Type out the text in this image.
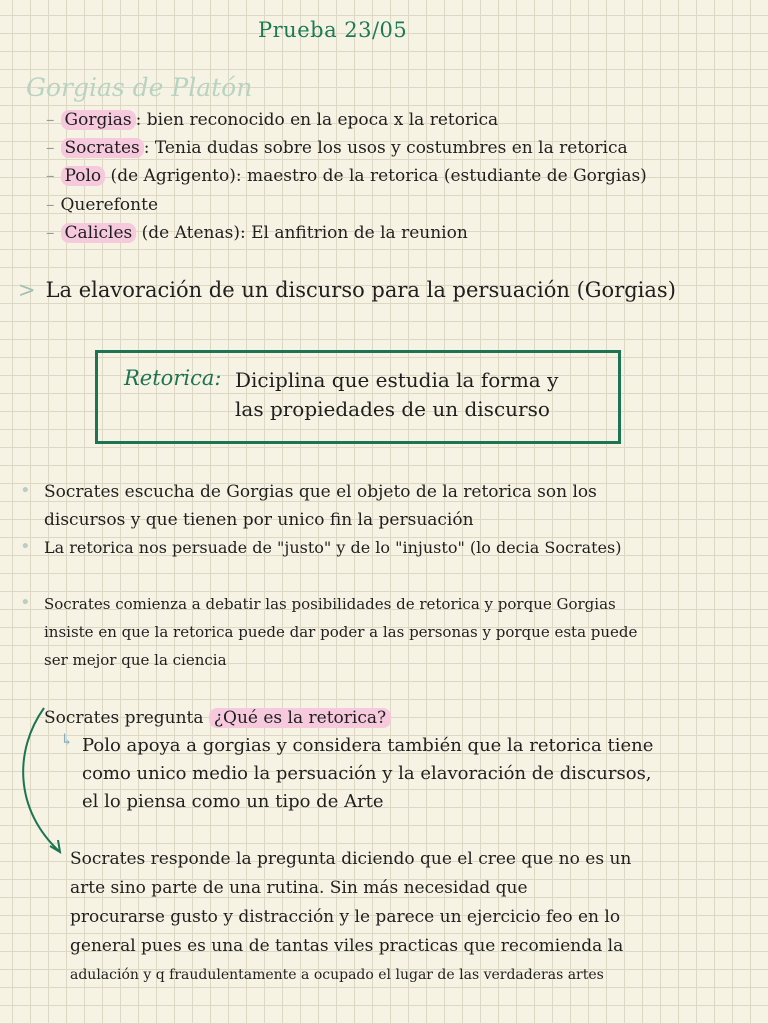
Prueba 23/05
Gorgias de Platón
– Gorgias : bien reconocido en la epoca x la retorica
– Socrates : Tenia dudas sobre los usos y costumbres en la retorica
– Polo (de Agrigento): maestro de la retorica (estudiante de Gorgias)
– Querefonte
– Calicles (de Atenas): El anfitrion de la reunion
> La elavoración de un discurso para la persuación (Gorgias)
Retorica: Diciplina que estudia la forma y
las propiedades de un discurso
• Socrates escucha de Gorgias que el objeto de la retorica son los
discursos y que tienen por unico fin la persuación
• La retorica nos persuade de "justo" y de lo "injusto" (lo decia Socrates)
• Socrates comienza a debatir las posibilidades de retorica y porque Gorgias
insiste en que la retorica puede dar poder a las personas y porque esta puede
ser mejor que la ciencia
Socrates pregunta ¿Qué es la retorica?
↳ Polo apoya a gorgias y considera también que la retorica tiene
como unico medio la persuación y la elavoración de discursos,
el lo piensa como un tipo de Arte
Socrates responde la pregunta diciendo que el cree que no es un
arte sino parte de una rutina. Sin más necesidad que
procurarse gusto y distracción y le parece un ejercicio feo en lo
general pues es una de tantas viles practicas que recomienda la
adulación y q fraudulentamente a ocupado el lugar de las verdaderas artes
